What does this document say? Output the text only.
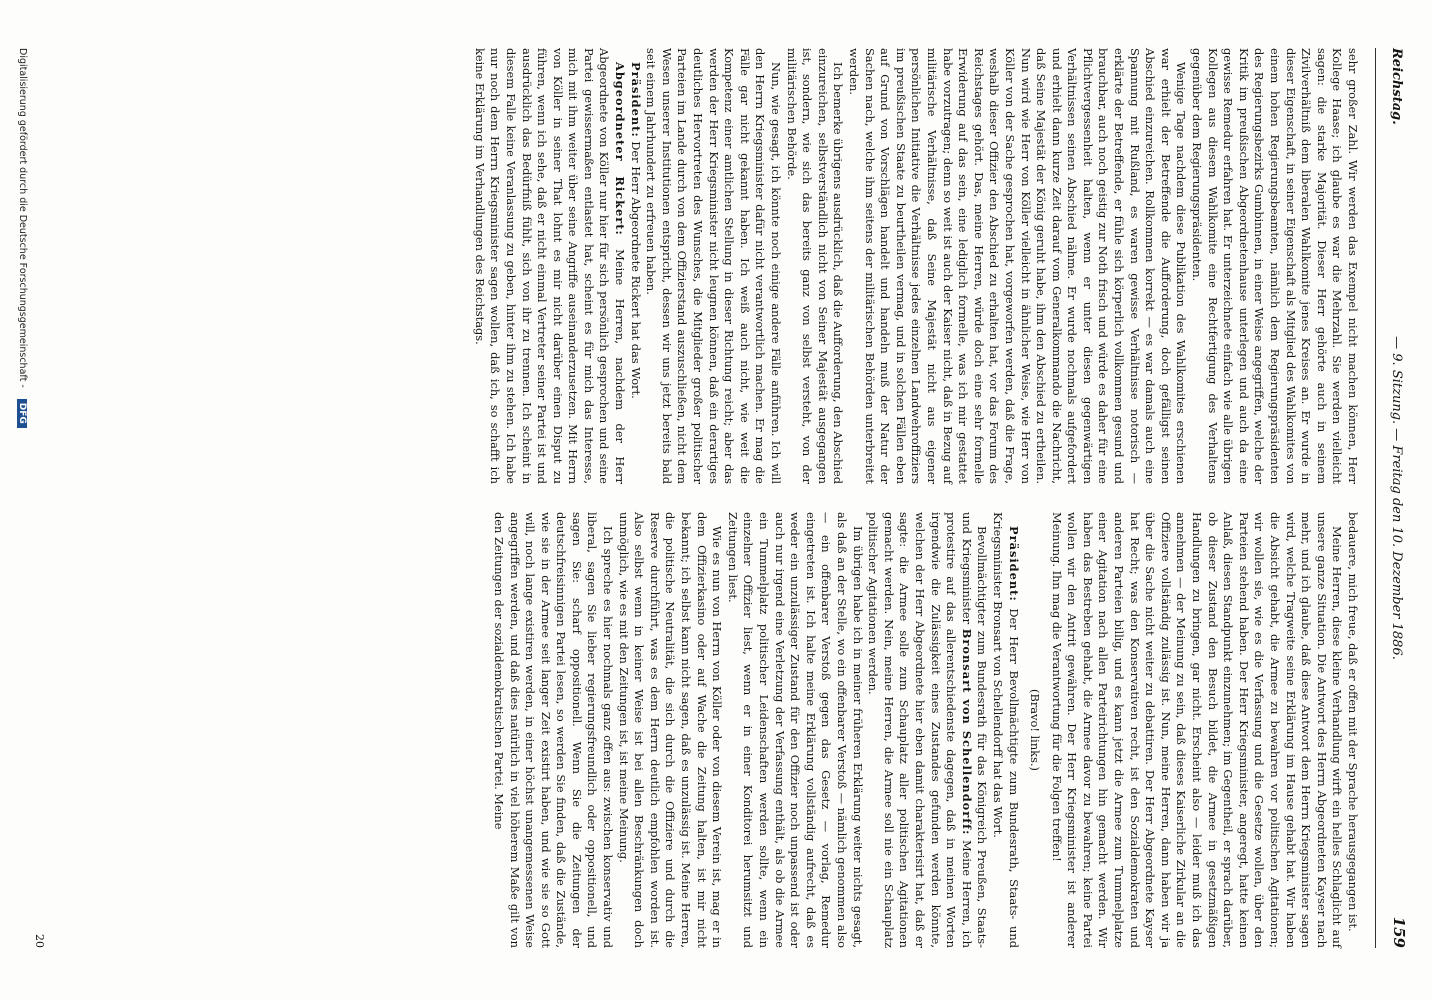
Reichstag.
— 9. Sitzung. — Freitag den 10. Dezember 1886.
159

sehr großer Zahl. Wir werden das Exempel nicht machen können, Herr Kollege Haase; ich glaube es war die Mehrzahl. Sie werden vielleicht sagen: die starke Majorität. Dieser Herr gehörte auch in seinem Zivilverhältniß dem liberalen Wahlkomite jenes Kreises an. Er wurde in dieser Eigenschaft, in seiner Eigenschaft als Mitglied des Wahlkomites von einem hohen Regierungsbeamten, nämlich dem Regierungspräsidenten des Regierungsbezirks Gumbinnen, in einer Weise angegriffen, welche der Kritik im preußischen Abgeordnetenhause unterlegen und auch da eine gewisse Remedur erfahren hat. Er unterzeichnete einfach wie alle übrigen Kollegen aus diesem Wahlkomite eine Rechtfertigung des Verhaltens gegenüber dem Regierungspräsidenten.

Wenige Tage nachdem diese Publikation des Wahlkomites erschienen war erhielt der Betreffende die Aufforderung, doch gefälligst seinen Abschied einzureichen. Rollkommen korrekt — es war damals auch eine Spannung mit Rußland, es waren gewisse Verhältnisse notorisch — erklärte der Betreffende, er fühle sich körperlich vollkommen gesund und brauchbar, auch noch geistig zur Noth frisch und würde es daher für eine Pflichtvergessenheit halten, wenn er unter diesen gegenwärtigen Verhältnissen seinen Abschied nähme. Er wurde nochmals aufgefordert und erhielt dann kurze Zeit darauf vom Generalkommando die Nachricht, daß Seine Majestät der König geruht habe, ihm den Abschied zu ertheilen. Nun wird wie Herr von Köller vielleicht in ähnlicher Weise, wie Herr von Köller von der Sache gesprochen hat, vorgeworfen werden, daß die Frage, weshalb dieser Offizier den Abschied zu erhalten hat, vor das Forum des Reichstages gehört. Das, meine Herren, würde doch eine sehr formelle Erwiderung auf das sein, eine lediglich formelle, was ich mir gestattet habe vorzutragen; denn so weit ist auch der Kaiser nicht, daß in Bezug auf militärische Verhältnisse, daß Seine Majestät nicht aus eigener persönlichen Initiative die Verhältnisse jedes einzelnen Landwehroffiziers im preußischen Staate zu beurtheilen vermag, und in solchen Fällen eben auf Grund von Vorschlägen handelt und handeln muß der Natur der Sachen nach, welche ihm seitens der militärischen Behörden unterbreitet werden.

Ich bemerke übrigens ausdrücklich, daß die Aufforderung, den Abschied einzureichen, selbstverständlich nicht von Seiner Majestät ausgegangen ist, sondern, wie sich das bereits ganz von selbst versteht, von der militärischen Behörde.

Nun, wie gesagt, ich könnte noch einige andere Fälle anführen. Ich will den Herrn Kriegsminister dafür nicht verantwortlich machen. Er mag die Fälle gar nicht gekannt haben. Ich weiß auch nicht, wie weit die Kompetenz einer amtlichen Stellung in dieser Richtung reicht; aber das werden der Herr Kriegsminister nicht leugnen können, daß ein derartiges deutliches Hervortreten des Wunsches, die Mitglieder großer politischer Parteien im Lande durch von dem Offizierstand auszuschließen, nicht dem Wesen unserer Institutionen entspricht, dessen wir uns jetzt bereits bald seit einem Jahrhundert zu erfreuen haben.

Präsident: Der Herr Abgeordnete Rickert hat das Wort.

Abgeordneter Rickert: Meine Herren, nachdem der Herr Abgeordnete von Köller nur hier für sich persönlich gesprochen und seine Partei gewissermaßen entlastet hat, scheint es für mich das Interesse, mich mit ihm weiter über seine Angriffe auseinanderzusetzen. Mit Herrn von Köller in seiner That lohnt es mir nicht darüber einen Disput zu führen, wenn ich sehe, daß er nicht einmal Vertreter seiner Partei ist und ausdrücklich das Bedürfniß fühlt, sich von ihr zu trennen. Ich scheint in diesem Falle keine Veranlassung zu geben, hinter ihm zu stehen. Ich habe nur noch dem Herrn Kriegsminister sagen wollen, daß ich, so schafft ich keine Erklärung im Verhandlungen des Reichstags.

bedauere, mich freue, daß er offen mit der Sprache herausgegangen ist.

Meine Herren, diese kleine Verhandlung wirft ein helles Schlaglicht auf unsere ganze Situation. Die Antwort des Herrn Abgeordneten Kayser nach mehr, und ich glaube, daß diese Antwort dem Herrn Kriegsminister sagen wird, welche Tragweite seine Erklärung im Hause gehabt hat. Wir haben die Absicht gehabt, die Armee zu bewahren vor politischen Agitationen; wir wollen sie, wie es die Verfassung und die Gesetze wollen, über den Parteien stehend haben. Der Herr Kriegsminister, angeregt, hatte keinen Anlaß, diesen Standpunkt einzunehmen; im Gegentheil, er sprach darüber, ob dieser Zustand den Besuch bildet, die Armee in gesetzmäßigen Handlungen zu bringen, gar nicht. Erscheint also — leider muß ich das annehmen — der Meinung zu sein, daß dieses Kaiserliche Zirkular an die Offiziere vollständig zulässig ist. Nun, meine Herren, dann haben wir ja über die Sache nicht weiter zu debattiren. Der Herr Abgeordnete Kayser hat Recht; was den Konservativen recht, ist den Sozialdemokraten und anderen Parteien billig, und es kann jetzt die Armee zum Tummelplatze einer Agitation nach allen Parteirichtungen hin gemacht werden. Wir haben das Bestreben gehabt, die Armee davor zu bewahren; keine Partei wollen wir den Antrit gewähren. Der Herr Kriegsminister ist anderer Meinung. Ihn mag die Verantwortung für die Folgen treffen!

(Bravo! links.)

Präsident: Der Herr Bevollmächtigte zum Bundesrath, Staats- und Kriegsminister Bronsart von Schellendorff hat das Wort.

Bevollmächtigter zum Bundesrath für das Königreich Preußen, Staats- und Kriegsminister Bronsart von Schellendorff: Meine Herren, ich protestire auf das allerentschiedenste dagegen, daß in meinen Worten irgendwie die Zulässigkeit eines Zustandes gefunden werden könnte, welchen der Herr Abgeordnete hier eben damit charakterisirt hat, daß er sagte: die Armee solle zum Schauplatz aller politischen Agitationen gemacht werden. Nein, meine Herren, die Armee soll nie ein Schauplatz politischer Agitationen werden.

Im übrigen habe ich in meiner früheren Erklärung weiter nichts gesagt, als daß an der Stelle, wo ein offenbarer Verstoß — nämlich genommen also — ein offenbarer Verstoß gegen das Gesetz — vorlag, Remedur eingetreten ist. Ich halte meine Erklärung vollständig aufrecht, daß es weder ein unzulässiger Zustand für den Offizier noch unpassend ist oder auch nur irgend eine Verletzung der Verfassung enthält, als ob die Armee ein Tummelplatz politischer Leidenschaften werden sollte, wenn ein einzelner Offizier liest, wenn er in einer Konditorei herumsitzt und Zeitungen liest.

Wie es nun von Herrn von Köller oder von diesem Verein ist, mag er in dem Offizierkasino oder auf Wache die Zeitung halten, ist mir nicht bekannt; ich selbst kann nicht sagen, daß es unzulässig ist. Meine Herren, die politische Neutralität, die sich durch die Offiziere und durch die Reserve durchführt, was es dem Herrn deutlich empfohlen worden ist. Also selbst wenn in keiner Weise ist bei allen Beschränkungen doch unmöglich, wie es mit den Zeitungen ist, ist meine Meinung.

Ich spreche es hier nochmals ganz offen aus: zwischen konservativ und liberal, sagen Sie lieber regierungsfreundlich oder oppositionell, und sagen Sie: scharf oppositionell. Wenn Sie die Zeitungen der deutschfreisinnigen Partei lesen, so werden Sie finden, daß die Zustände, wie sie in der Armee seit langer Zeit existirt haben, und wie sie so Gott will, noch lange existiren werden, in einer höchst unangemessenen Weise angegriffen werden, und daß dies natürlich in viel höherem Maße gilt von den Zeitungen der sozialdemokratischen Partei. Meine

20
Digitalisierung gefördert durch die Deutsche Forschungsgemeinschaft - DFG
